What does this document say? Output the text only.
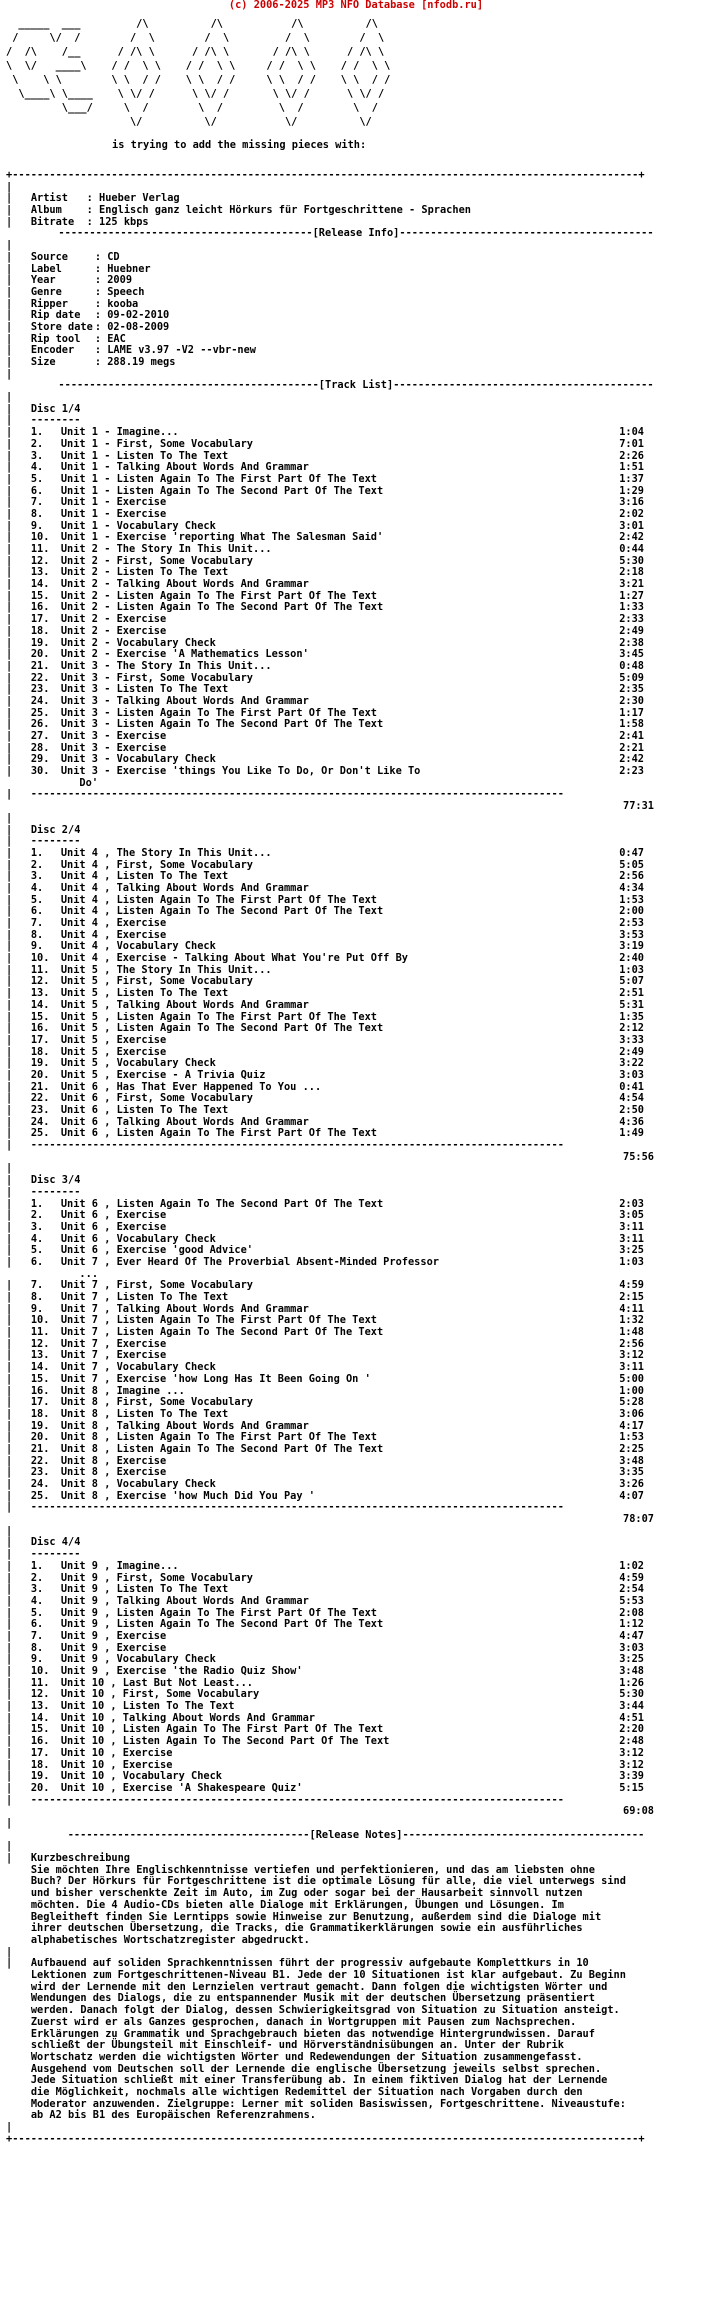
(c) 2006-2025 MP3 NFO Database [nfodb.ru]
_____  ___         /\          /\           /\          /\
/     \/  /        /  \        /  \         /  \        /  \
/  /\    /__      / /\ \      / /\ \       / /\ \      / /\ \
\  \/   ____\    / /  \ \    / /  \ \     / /  \ \    / /  \ \
\    \ \        \ \  / /    \ \  / /     \ \  / /    \ \  / /
\____\ \____    \ \/ /      \ \/ /       \ \/ /      \ \/ /
\___/     \  /        \  /         \  /        \  /
\/          \/           \/          \/
is trying to add the missing pieces with:
+-----------------------------------------------------------------------------------------------------+
|
|   Artist   : Hueber Verlag
|   Album    : Englisch ganz leicht Hörkurs für Fortgeschrittene - Sprachen
|   Bitrate  : 125 kbps
-----------------------------------------[Release Info]-----------------------------------------
|
|   Source	: CD
|   Label	: Huebner
|   Year	: 2009
|   Genre	: Speech
|   Ripper	: kooba
|   Rip date : 09-02-2010
|   Store date : 02-08-2009
|   Rip tool : EAC
|   Encoder : LAME v3.97 -V2 --vbr-new
|   Size	: 288.19 megs
|
------------------------------------------[Track List]------------------------------------------
|
|   Disc 1/4
|   --------
| 1.	Unit 1 - Imagine...	1:04
| 2.	Unit 1 - First, Some Vocabulary	7:01
| 3.	Unit 1 - Listen To The Text	2:26
| 4.	Unit 1 - Talking About Words And Grammar	1:51
| 5.	Unit 1 - Listen Again To The First Part Of The Text	1:37
| 6.	Unit 1 - Listen Again To The Second Part Of The Text	1:29
| 7.	Unit 1 - Exercise	3:16
| 8.	Unit 1 - Exercise	2:02
| 9.	Unit 1 - Vocabulary Check	3:01
| 10.	Unit 1 - Exercise 'reporting What The Salesman Said'	2:42
| 11.	Unit 2 - The Story In This Unit...	0:44
| 12.	Unit 2 - First, Some Vocabulary	5:30
| 13.	Unit 2 - Listen To The Text	2:18
| 14.	Unit 2 - Talking About Words And Grammar	3:21
| 15.	Unit 2 - Listen Again To The First Part Of The Text	1:27
| 16.	Unit 2 - Listen Again To The Second Part Of The Text	1:33
| 17.	Unit 2 - Exercise	2:33
| 18.	Unit 2 - Exercise	2:49
| 19.	Unit 2 - Vocabulary Check	2:38
| 20.	Unit 2 - Exercise 'A Mathematics Lesson'	3:45
| 21.	Unit 3 - The Story In This Unit...	0:48
| 22.	Unit 3 - First, Some Vocabulary	5:09
| 23.	Unit 3 - Listen To The Text	2:35
| 24.	Unit 3 - Talking About Words And Grammar	2:30
| 25.	Unit 3 - Listen Again To The First Part Of The Text	1:17
| 26.	Unit 3 - Listen Again To The Second Part Of The Text	1:58
| 27.	Unit 3 - Exercise	2:41
| 28.	Unit 3 - Exercise	2:21
| 29.	Unit 3 - Vocabulary Check	2:42
| 30.	Unit 3 - Exercise 'things You Like To Do, Or Don't Like To
Do'
2:23
|   --------------------------------------------------------------------------------------
77:31
|
|   Disc 2/4
|   --------
| 1.	Unit 4 , The Story In This Unit...	0:47
| 2.	Unit 4 , First, Some Vocabulary	5:05
| 3.	Unit 4 , Listen To The Text	2:56
| 4.	Unit 4 , Talking About Words And Grammar	4:34
| 5.	Unit 4 , Listen Again To The First Part Of The Text	1:53
| 6.	Unit 4 , Listen Again To The Second Part Of The Text	2:00
| 7.	Unit 4 , Exercise	2:53
| 8.	Unit 4 , Exercise	3:53
| 9.	Unit 4 , Vocabulary Check	3:19
| 10.	Unit 4 , Exercise - Talking About What You're Put Off By	2:40
| 11.	Unit 5 , The Story In This Unit...	1:03
| 12.	Unit 5 , First, Some Vocabulary	5:07
| 13.	Unit 5 , Listen To The Text	2:51
| 14.	Unit 5 , Talking About Words And Grammar	5:31
| 15.	Unit 5 , Listen Again To The First Part Of The Text	1:35
| 16.	Unit 5 , Listen Again To The Second Part Of The Text	2:12
| 17.	Unit 5 , Exercise	3:33
| 18.	Unit 5 , Exercise	2:49
| 19.	Unit 5 , Vocabulary Check	3:22
| 20.	Unit 5 , Exercise - A Trivia Quiz	3:03
| 21.	Unit 6 , Has That Ever Happened To You ...	0:41
| 22.	Unit 6 , First, Some Vocabulary	4:54
| 23.	Unit 6 , Listen To The Text	2:50
| 24.	Unit 6 , Talking About Words And Grammar	4:36
| 25.	Unit 6 , Listen Again To The First Part Of The Text	1:49
|   --------------------------------------------------------------------------------------
75:56
|
|   Disc 3/4
|   --------
| 1.	Unit 6 , Listen Again To The Second Part Of The Text	2:03
| 2.	Unit 6 , Exercise	3:05
| 3.	Unit 6 , Exercise	3:11
| 4.	Unit 6 , Vocabulary Check	3:11
| 5.	Unit 6 , Exercise 'good Advice'	3:25
| 6.	Unit 7 , Ever Heard Of The Proverbial Absent-Minded Professor
...
1:03
| 7.	Unit 7 , First, Some Vocabulary	4:59
| 8.	Unit 7 , Listen To The Text	2:15
| 9.	Unit 7 , Talking About Words And Grammar	4:11
| 10.	Unit 7 , Listen Again To The First Part Of The Text	1:32
| 11.	Unit 7 , Listen Again To The Second Part Of The Text	1:48
| 12.	Unit 7 , Exercise	2:56
| 13.	Unit 7 , Exercise	3:12
| 14.	Unit 7 , Vocabulary Check	3:11
| 15.	Unit 7 , Exercise 'how Long Has It Been Going On '	5:00
| 16.	Unit 8 , Imagine ...	1:00
| 17.	Unit 8 , First, Some Vocabulary	5:28
| 18.	Unit 8 , Listen To The Text	3:06
| 19.	Unit 8 , Talking About Words And Grammar	4:17
| 20.	Unit 8 , Listen Again To The First Part Of The Text	1:53
| 21.	Unit 8 , Listen Again To The Second Part Of The Text	2:25
| 22.	Unit 8 , Exercise	3:48
| 23.	Unit 8 , Exercise	3:35
| 24.	Unit 8 , Vocabulary Check	3:26
| 25.	Unit 8 , Exercise 'how Much Did You Pay '	4:07
|   --------------------------------------------------------------------------------------
78:07
|
|   Disc 4/4
|   --------
| 1.	Unit 9 , Imagine...	1:02
| 2.	Unit 9 , First, Some Vocabulary	4:59
| 3.	Unit 9 , Listen To The Text	2:54
| 4.	Unit 9 , Talking About Words And Grammar	5:53
| 5.	Unit 9 , Listen Again To The First Part Of The Text	2:08
| 6.	Unit 9 , Listen Again To The Second Part Of The Text	1:12
| 7.	Unit 9 , Exercise	4:47
| 8.	Unit 9 , Exercise	3:03
| 9.	Unit 9 , Vocabulary Check	3:25
| 10.	Unit 9 , Exercise 'the Radio Quiz Show'	3:48
| 11.	Unit 10 , Last But Not Least...	1:26
| 12.	Unit 10 , First, Some Vocabulary	5:30
| 13.	Unit 10 , Listen To The Text	3:44
| 14.	Unit 10 , Talking About Words And Grammar	4:51
| 15.	Unit 10 , Listen Again To The First Part Of The Text	2:20
| 16.	Unit 10 , Listen Again To The Second Part Of The Text	2:48
| 17.	Unit 10 , Exercise	3:12
| 18.	Unit 10 , Exercise	3:12
| 19.	Unit 10 , Vocabulary Check	3:39
| 20.	Unit 10 , Exercise 'A Shakespeare Quiz'	5:15
|   --------------------------------------------------------------------------------------
69:08
|
---------------------------------------[Release Notes]---------------------------------------
|
| Kurzbeschreibung
Sie möchten Ihre Englischkenntnisse vertiefen und perfektionieren, und das am liebsten ohne Buch? Der Hörkurs für Fortgeschrittene ist die optimale Lösung für alle, die viel unterwegs sind und bisher verschenkte Zeit im Auto, im Zug oder sogar bei der Hausarbeit sinnvoll nutzen möchten. Die 4 Audio-CDs bieten alle Dialoge mit Erklärungen, Übungen und Lösungen. Im Begleitheft finden Sie Lerntipps sowie Hinweise zur Benutzung, außerdem sind die Dialoge mit ihrer deutschen Übersetzung, die Tracks, die Grammatikerklärungen sowie ein ausführliches alphabetisches Wortschatzregister abgedruckt.

|
| Aufbauend auf soliden Sprachkenntnissen führt der progressiv aufgebaute Komplettkurs in 10 Lektionen zum Fortgeschrittenen-Niveau B1. Jede der 10 Situationen ist klar aufgebaut. Zu Beginn wird der Lernende mit den Lernzielen vertraut gemacht. Dann folgen die wichtigsten Wörter und Wendungen des Dialogs, die zu entspannender Musik mit der deutschen Übersetzung präsentiert werden. Danach folgt der Dialog, dessen Schwierigkeitsgrad von Situation zu Situation ansteigt. Zuerst wird er als Ganzes gesprochen, danach in Wortgruppen mit Pausen zum Nachsprechen. Erklärungen zu Grammatik und Sprachgebrauch bieten das notwendige Hintergrundwissen. Darauf schließt der Übungsteil mit Einschleif- und Hörverständnisübungen an. Unter der Rubrik Wortschatz werden die wichtigsten Wörter und Redewendungen der Situation zusammengefasst. Ausgehend vom Deutschen soll der Lernende die englische Übersetzung jeweils selbst sprechen. Jede Situation schließt mit einer Transferübung ab. In einem fiktiven Dialog hat der Lernende die Möglichkeit, nochmals alle wichtigen Redemittel der Situation nach Vorgaben durch den Moderator anzuwenden. Zielgruppe: Lerner mit soliden Basiswissen, Fortgeschrittene. Niveaustufe: ab A2 bis B1 des Europäischen Referenzrahmens.

|
+-----------------------------------------------------------------------------------------------------+
